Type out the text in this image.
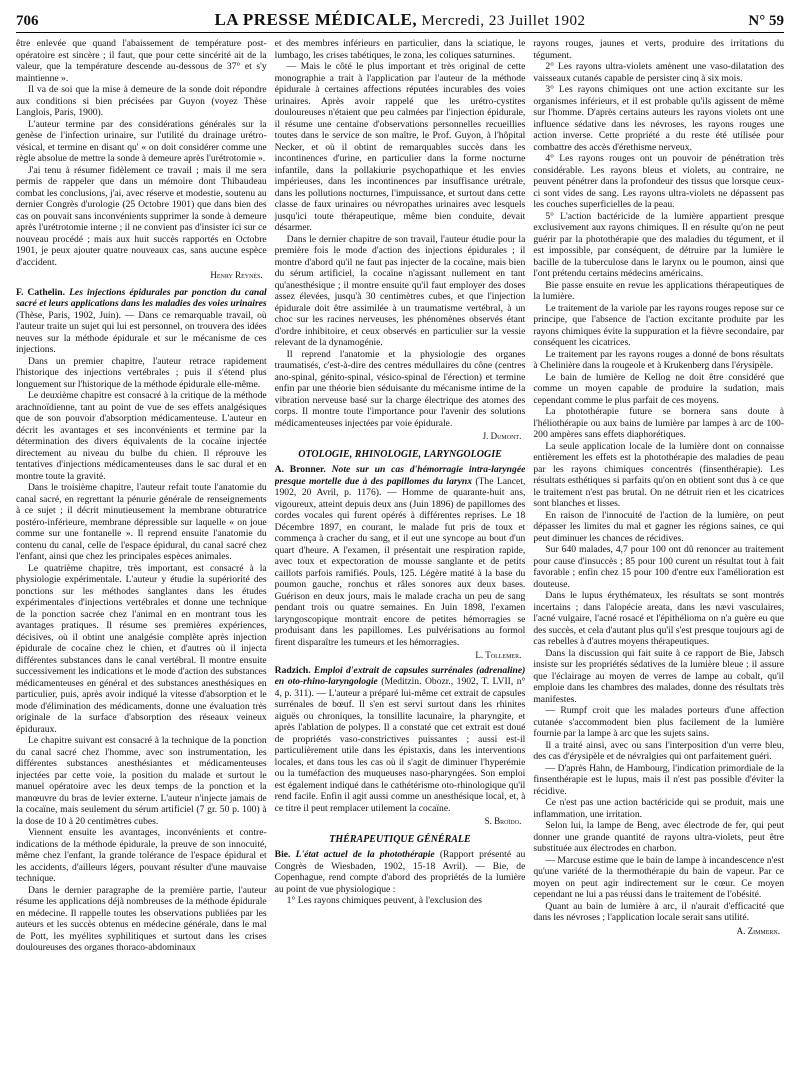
706	LA PRESSE MÉDICALE, Mercredi, 23 Juillet 1902	N° 59

être enlevée que quand l'abaissement de température post-opératoire est sincère ; il faut, que pour cette sincérité ait de la valeur, que la température descende au-dessous de 37° et s'y maintienne ».

Il va de soi que la mise à demeure de la sonde doit répondre aux conditions si bien précisées par Guyon (voyez Thèse Langlois, Paris, 1900).

L'auteur termine par des considérations générales sur la genèse de l'infection urinaire, sur l'utilité du drainage urétro-vésical, et termine en disant qu' « on doit considérer comme une règle absolue de mettre la sonde à demeure après l'urétrotomie ».

J'ai tenu à résumer fidèlement ce travail ; mais il me sera permis de rappeler que dans un mémoire dont Thibaudeau combat les conclusions, j'ai, avec réserve et modestie, soutenu au dernier Congrès d'urologie (25 Octobre 1901) que dans bien des cas on pouvait sans inconvénients supprimer la sonde à demeure après l'urétrotomie interne ; il ne convient pas d'insister ici sur ce nouveau procédé ; mais aux huit succès rapportés en Octobre 1901, je peux ajouter quatre nouveaux cas, sans aucune espèce d'accident.

Henry Reynès.

F. Cathelin. Les injections épidurales par ponction du canal sacré et leurs applications dans les maladies des voies urinaires (Thèse, Paris, 1902, Juin). — Dans ce remarquable travail, où l'auteur traite un sujet qui lui est personnel, on trouvera des idées neuves sur la méthode épidurale et sur le mécanisme de ces injections.

Dans un premier chapitre, l'auteur retrace rapidement l'historique des injections vertébrales ; puis il s'étend plus longuement sur l'historique de la méthode épidurale elle-même.

Le deuxième chapitre est consacré à la critique de la méthode arachnoïdienne, tant au point de vue de ses effets analgésiques que de son pouvoir d'absorption médicamenteuse. L'auteur en décrit les avantages et ses inconvénients et termine par la détermination des divers équivalents de la cocaïne injectée directement au niveau du bulbe du chien. Il réprouve les tentatives d'injections médicamenteuses dans le sac dural et en montre toute la gravité.

Dans le troisième chapitre, l'auteur refait toute l'anatomie du canal sacré, en regrettant la pénurie générale de renseignements à ce sujet ; il décrit minutieusement la membrane obturatrice postéro-inférieure, membrane dépressible sur laquelle « on joue comme sur une fontanelle ». Il reprend ensuite l'anatomie du contenu du canal, celle de l'espace épidural, du canal sacré chez l'enfant, ainsi que chez les principales espèces animales.

Le quatrième chapitre, très important, est consacré à la physiologie expérimentale. L'auteur y étudie la supériorité des ponctions sur les méthodes sanglantes dans les études expérimentales d'injections vertébrales et donne une technique de la ponction sacrée chez l'animal en en montrant tous les avantages pratiques. Il résume ses premières expériences, décisives, où il obtint une analgésie complète après injection épidurale de cocaïne chez le chien, et d'autres où il injecta différentes substances dans le canal vertébral. Il montre ensuite successivement les indications et le mode d'action des substances médicamenteuses en général et des substances anesthésiques en particulier, puis, après avoir indiqué la vitesse d'absorption et le mode d'élimination des médicaments, donne une évaluation très originale de la surface d'absorption des réseaux veineux épiduraux.

Le chapitre suivant est consacré à la technique de la ponction du canal sacré chez l'homme, avec son instrumentation, les différentes substances anesthésiantes et médicamenteuses injectées par cette voie, la position du malade et surtout le manuel opératoire avec les deux temps de la ponction et la manœuvre du bras de levier externe. L'auteur n'injecte jamais de la cocaïne, mais seulement du sérum artificiel (7 gr. 50 p. 100) à la dose de 10 à 20 centimètres cubes.

Viennent ensuite les avantages, inconvénients et contre-indications de la méthode épidurale, la preuve de son innocuité, même chez l'enfant, la grande tolérance de l'espace épidural et les accidents, d'ailleurs légers, pouvant résulter d'une mauvaise technique.

Dans le dernier paragraphe de la première partie, l'auteur résume les applications déjà nombreuses de la méthode épidurale en médecine. Il rappelle toutes les observations publiées par les auteurs et les succès obtenus en médecine générale, dans le mal de Pott, les myélites syphilitiques et surtout dans les crises douloureuses des organes thoraco-abdominaux

et des membres inférieurs en particulier, dans la sciatique, le lumbago, les crises tabétiques, le zona, les coliques saturnines.

— Mais le côté le plus important et très original de cette monographie a trait à l'application par l'auteur de la méthode épidurale à certaines affections réputées incurables des voies urinaires. Après avoir rappelé que les urétro-cystites douloureuses n'étaient que peu calmées par l'injection épidurale, il résume une centaine d'observations personnelles recueillies toutes dans le service de son maître, le Prof. Guyon, à l'hôpital Necker, et où il obtint de remarquables succès dans les incontinences d'urine, en particulier dans la forme nocturne infantile, dans la pollakiurie psychopathique et les envies impérieuses, dans les incontinences par insuffisance urétrale, dans les pollutions nocturnes, l'impuissance, et surtout dans cette classe de faux urinaires ou névropathes urinaires avec lesquels jusqu'ici toute thérapeutique, même bien conduite, devait désarmer.

Dans le dernier chapitre de son travail, l'auteur étudie pour la première fois le mode d'action des injections épidurales ; il montre d'abord qu'il ne faut pas injecter de la cocaïne, mais bien du sérum artificiel, la cocaïne n'agissant nullement en tant qu'anesthésique ; il montre ensuite qu'il faut employer des doses assez élevées, jusqu'à 30 centimètres cubes, et que l'injection épidurale doit être assimilée à un traumatisme vertébral, à un choc sur les racines nerveuses, les phénomènes observés étant d'ordre inhibitoire, et ceux observés en particulier sur la vessie relevant de la dynamogénie.

Il reprend l'anatomie et la physiologie des organes traumatisés, c'est-à-dire des centres médullaires du cône (centres ano-spinal, génito-spinal, vésico-spinal de l'érection) et termine enfin par une théorie bien séduisante du mécanisme intime de la vibration nerveuse basé sur la charge électrique des atomes des corps. Il montre toute l'importance pour l'avenir des solutions médicamenteuses injectées par voie épidurale.

J. Dumont.
OTOLOGIE, RHINOLOGIE, LARYNGOLOGIE

A. Bronner. Note sur un cas d'hémorragie intra-laryngée presque mortelle due à des papillomes du larynx (The Lancet, 1902, 20 Avril, p. 1176). — Homme de quarante-huit ans, vigoureux, atteint depuis deux ans (Juin 1896) de papillomes des cordes vocales qui furent opérés à différentes reprises. Le 18 Décembre 1897, en courant, le malade fut pris de toux et commença à cracher du sang, et il eut une syncope au bout d'un quart d'heure. A l'examen, il présentait une respiration rapide, avec toux et expectoration de mousse sanglante et de petits caillots parfois ramifiés. Pouls, 125. Légère matité à la base du poumon gauche, ronchus et râles sonores aux deux bases. Guérison en deux jours, mais le malade cracha un peu de sang pendant trois ou quatre semaines. En Juin 1898, l'examen laryngoscopique montrait encore de petites hémorragies se produisant dans les papillomes. Les pulvérisations au formol firent disparaître les tumeurs et les hémorragies.

L. Tollemer.

Radzich. Emploi d'extrait de capsules surrénales (adrenaline) en oto-rhino-laryngologie (Meditzin. Obozr., 1902, T. LVII, n° 4, p. 311). — L'auteur a préparé lui-même cet extrait de capsules surrénales de bœuf. Il s'en est servi surtout dans les rhinites aiguës ou chroniques, la tonsillite lacunaire, la pharyngite, et après l'ablation de polypes. Il a constaté que cet extrait est doué de propriétés vaso-constrictives puissantes ; aussi est-il particulièrement utile dans les épistaxis, dans les interventions locales, et dans tous les cas où il s'agit de diminuer l'hyperémie ou la tuméfaction des muqueuses naso-pharyngées. Son emploi est également indiqué dans le cathétérisme oto-rhinologique qu'il rend facile. Enfin il agit aussi comme un anesthésique local, et, à ce titre il peut remplacer utilement la cocaïne.

S. Broïdo.
THÉRAPEUTIQUE GÉNÉRALE

Bie. L'état actuel de la photothérapie (Rapport présenté au Congrès de Wiesbaden, 1902, 15-18 Avril). — Bie, de Copenhague, rend compte d'abord des propriétés de la lumière au point de vue physiologique :

1° Les rayons chimiques peuvent, à l'exclusion des

rayons rouges, jaunes et verts, produire des irritations du tégument.

2° Les rayons ultra-violets amènent une vaso-dilatation des vaisseaux cutanés capable de persister cinq à six mois.

3° Les rayons chimiques ont une action excitante sur les organismes inférieurs, et il est probable qu'ils agissent de même sur l'homme. D'après certains auteurs les rayons violets ont une influence sédative dans les névroses, les rayons rouges une action inverse. Cette propriété a du reste été utilisée pour combattre des accès d'érethisme nerveux.

4° Les rayons rouges ont un pouvoir de pénétration très considérable. Les rayons bleus et violets, au contraire, ne peuvent pénétrer dans la profondeur des tissus que lorsque ceux-ci sont vides de sang. Les rayons ultra-violets ne dépassent pas les couches superficielles de la peau.

5° L'action bactéricide de la lumière appartient presque exclusivement aux rayons chimiques. Il en résulte qu'on ne peut guérir par la photothérapie que des maladies du tégument, et il est impossible, par conséquent, de détruire par la lumière le bacille de la tuberculose dans le larynx ou le poumon, ainsi que l'ont prétendu certains médecins américains.

Bie passe ensuite en revue les applications thérapeutiques de la lumière.

Le traitement de la variole par les rayons rouges repose sur ce principe, que l'absence de l'action excitante produite par les rayons chimiques évite la suppuration et la fièvre secondaire, par conséquent les cicatrices.

Le traitement par les rayons rouges a donné de bons résultats à Chelinière dans la rougeole et à Krukenberg dans l'érysipèle.

Le bain de lumière de Kellog ne doit être considéré que comme un moyen capable de produire la sudation, mais cependant comme le plus parfait de ces moyens.

La photothérapie future se bornera sans doute à l'héliothérapie ou aux bains de lumière par lampes à arc de 100-200 ampères sans effets diaphorétiques.

La seule application locale de la lumière dont on connaisse entièrement les effets est la photothérapie des maladies de peau par les rayons chimiques concentrés (finsenthérapie). Les résultats esthétiques si parfaits qu'on en obtient sont dus à ce que le traitement n'est pas brutal. On ne détruit rien et les cicatrices sont blanches et lisses.

En raison de l'innocuité de l'action de la lumière, on peut dépasser les limites du mal et gagner les régions saines, ce qui peut diminuer les chances de récidives.

Sur 640 malades, 4,7 pour 100 ont dû renoncer au traitement pour cause d'insuccès ; 85 pour 100 curent un résultat tout à fait favorable ; enfin chez 15 pour 100 d'entre eux l'amélioration est douteuse.

Dans le lupus érythémateux, les résultats se sont montrés incertains ; dans l'alopécie areata, dans les nævi vasculaires, l'acné vulgaire, l'acné rosacé et l'épithélioma on n'a guère eu que des succès, et cela d'autant plus qu'il s'est presque toujours agi de cas rebelles à d'autres moyens thérapeutiques.

Dans la discussion qui fait suite à ce rapport de Bie, Jabsch insiste sur les propriétés sédatives de la lumière bleue ; il assure que l'éclairage au moyen de verres de lampe au cobalt, qu'il emploie dans les chambres des malades, donne des résultats très manifestes.

— Rumpf croit que les malades porteurs d'une affection cutanée s'accommodent bien plus facilement de la lumière fournie par la lampe à arc que les sujets sains.

Il a traité ainsi, avec ou sans l'interposition d'un verre bleu, des cas d'érysipèle et de névralgies qui ont parfaitement guéri.

— D'après Hahn, de Hambourg, l'indication primordiale de la finsenthérapie est le lupus, mais il n'est pas possible d'éviter la récidive.

Ce n'est pas une action bactéricide qui se produit, mais une inflammation, une irritation.

Selon lui, la lampe de Beng, avec électrode de fer, qui peut donner une grande quantité de rayons ultra-violets, peut être substituée aux électrodes en charbon.

— Marcuse estime que le bain de lampe à incandescence n'est qu'une variété de la thermothérapie du bain de vapeur. Par ce moyen on peut agir indirectement sur le cœur. Ce moyen cependant ne lui a pas réussi dans le traitement de l'obésité.

Quant au bain de lumière à arc, il n'aurait d'efficacité que dans les névroses ; l'application locale serait sans utilité.

A. Zimmern.
